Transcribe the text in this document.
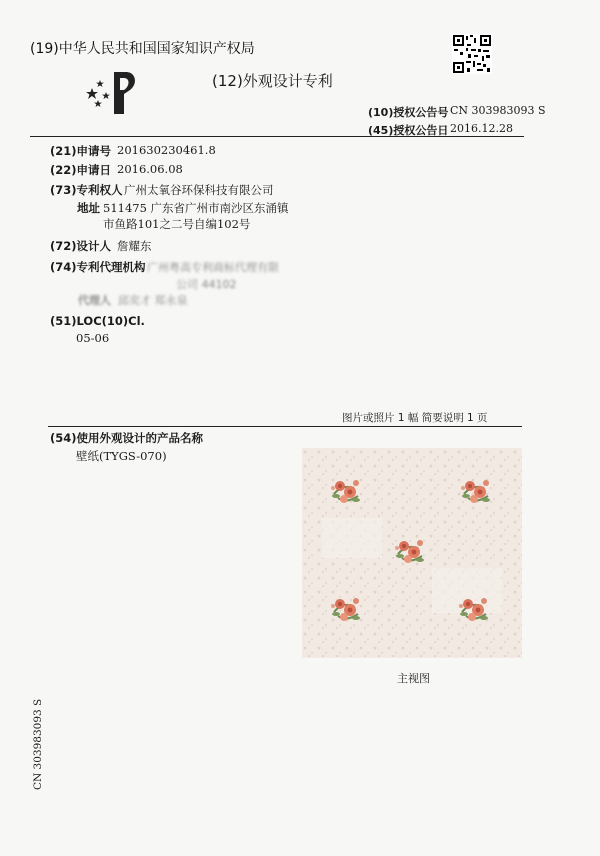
(19)中华人民共和国国家知识产权局
(12)外观设计专利
(10)授权公告号 CN 303983093 S
(45)授权公告日 2016.12.28
(21)申请号 201630230461.8
(22)申请日 2016.06.08
(73)专利权人 广州太氧谷环保科技有限公司
地址 511475 广东省广州市南沙区东涌镇
市鱼路101之二号自编102号
(72)设计人 詹耀东
(74)专利代理机构 广州粤高专利商标代理有限
公司 44102
代理人 邱奕才 郑永泉
(51)LOC(10)Cl.
05-06
图片或照片 1 幅 简要说明 1 页
(54)使用外观设计的产品名称
壁纸(TYGS-070)
主视图
CN 303983093 S
